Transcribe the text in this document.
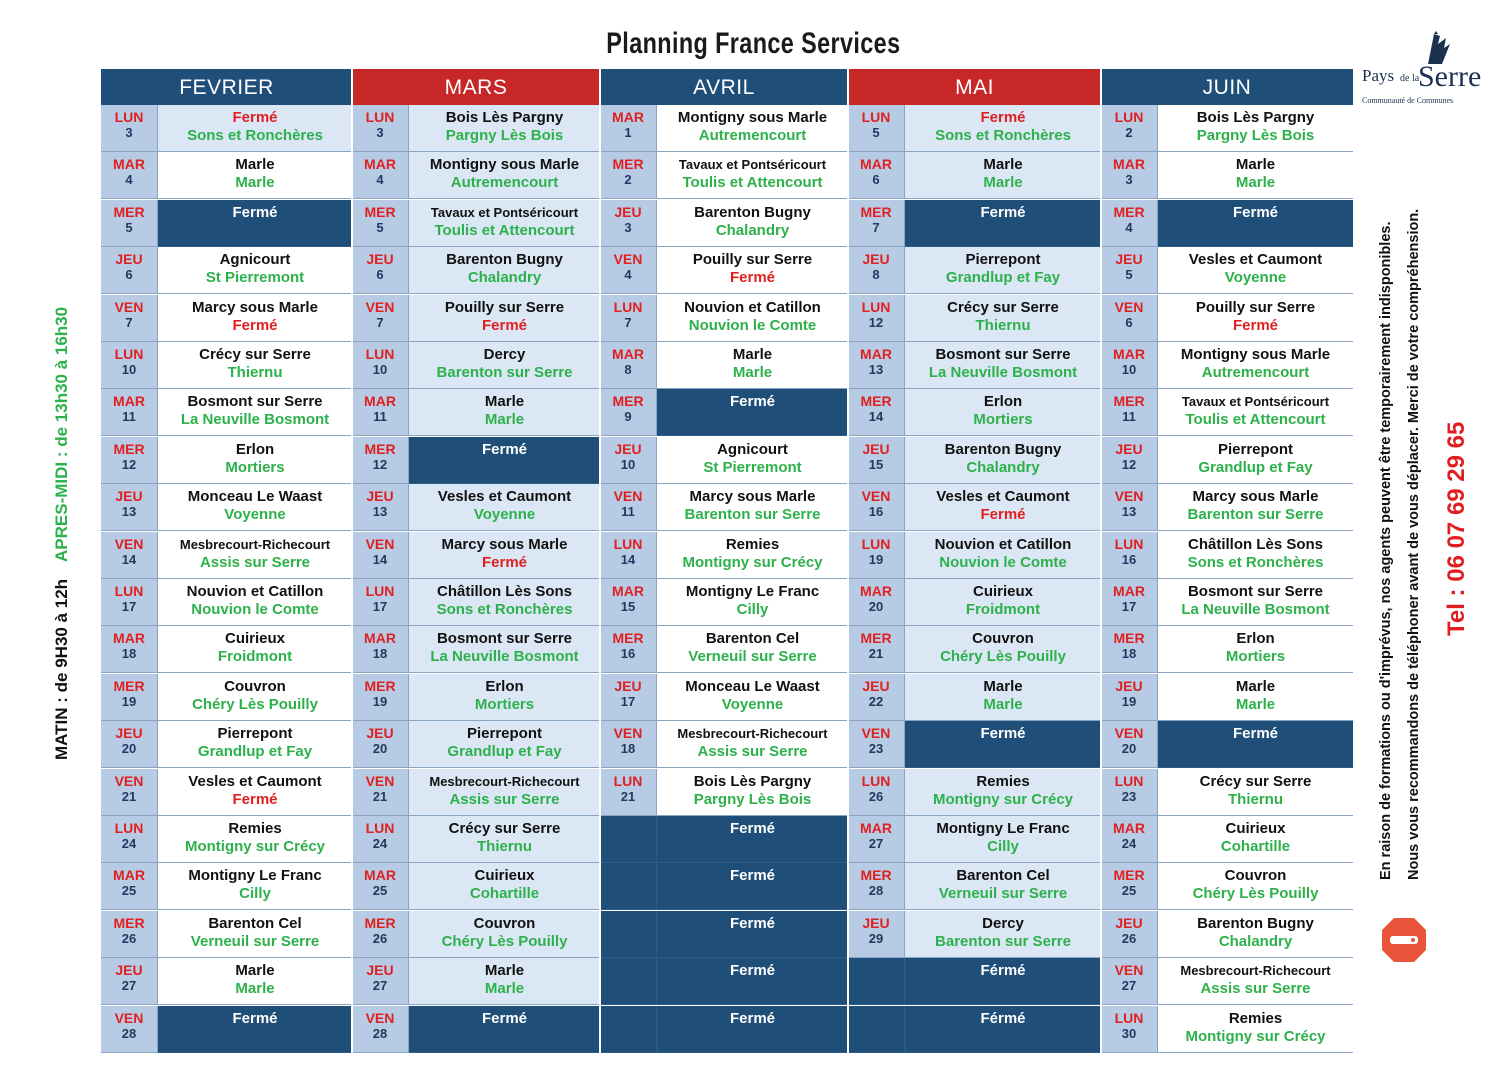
Planning France Services
FEVRIER
LUN
3
Fermé
Sons et Ronchères
MAR
4
Marle
Marle
MER
5
Fermé
JEU
6
Agnicourt
St Pierremont
VEN
7
Marcy sous Marle
Fermé
LUN
10
Crécy sur Serre
Thiernu
MAR
11
Bosmont sur Serre
La Neuville Bosmont
MER
12
Erlon
Mortiers
JEU
13
Monceau Le Waast
Voyenne
VEN
14
Mesbrecourt-Richecourt
Assis sur Serre
LUN
17
Nouvion et Catillon
Nouvion le Comte
MAR
18
Cuirieux
Froidmont
MER
19
Couvron
Chéry Lès Pouilly
JEU
20
Pierrepont
Grandlup et Fay
VEN
21
Vesles et Caumont
Fermé
LUN
24
Remies
Montigny sur Crécy
MAR
25
Montigny Le Franc
Cilly
MER
26
Barenton Cel
Verneuil sur Serre
JEU
27
Marle
Marle
VEN
28
Fermé
MARS
LUN
3
Bois Lès Pargny
Pargny Lès Bois
MAR
4
Montigny sous Marle
Autremencourt
MER
5
Tavaux et Pontséricourt
Toulis et Attencourt
JEU
6
Barenton Bugny
Chalandry
VEN
7
Pouilly sur Serre
Fermé
LUN
10
Dercy
Barenton sur Serre
MAR
11
Marle
Marle
MER
12
Fermé
JEU
13
Vesles et Caumont
Voyenne
VEN
14
Marcy sous Marle
Fermé
LUN
17
Châtillon Lès Sons
Sons et Ronchères
MAR
18
Bosmont sur Serre
La Neuville Bosmont
MER
19
Erlon
Mortiers
JEU
20
Pierrepont
Grandlup et Fay
VEN
21
Mesbrecourt-Richecourt
Assis sur Serre
LUN
24
Crécy sur Serre
Thiernu
MAR
25
Cuirieux
Cohartille
MER
26
Couvron
Chéry Lès Pouilly
JEU
27
Marle
Marle
VEN
28
Fermé
AVRIL
MAR
1
Montigny sous Marle
Autremencourt
MER
2
Tavaux et Pontséricourt
Toulis et Attencourt
JEU
3
Barenton Bugny
Chalandry
VEN
4
Pouilly sur Serre
Fermé
LUN
7
Nouvion et Catillon
Nouvion le Comte
MAR
8
Marle
Marle
MER
9
Fermé
JEU
10
Agnicourt
St Pierremont
VEN
11
Marcy sous Marle
Barenton sur Serre
LUN
14
Remies
Montigny sur Crécy
MAR
15
Montigny Le Franc
Cilly
MER
16
Barenton Cel
Verneuil sur Serre
JEU
17
Monceau Le Waast
Voyenne
VEN
18
Mesbrecourt-Richecourt
Assis sur Serre
LUN
21
Bois Lès Pargny
Pargny Lès Bois
Fermé
Fermé
Fermé
Fermé
Fermé
MAI
LUN
5
Fermé
Sons et Ronchères
MAR
6
Marle
Marle
MER
7
Fermé
JEU
8
Pierrepont
Grandlup et Fay
LUN
12
Crécy sur Serre
Thiernu
MAR
13
Bosmont sur Serre
La Neuville Bosmont
MER
14
Erlon
Mortiers
JEU
15
Barenton Bugny
Chalandry
VEN
16
Vesles et Caumont
Fermé
LUN
19
Nouvion et Catillon
Nouvion le Comte
MAR
20
Cuirieux
Froidmont
MER
21
Couvron
Chéry Lès Pouilly
JEU
22
Marle
Marle
VEN
23
Fermé
LUN
26
Remies
Montigny sur Crécy
MAR
27
Montigny Le Franc
Cilly
MER
28
Barenton Cel
Verneuil sur Serre
JEU
29
Dercy
Barenton sur Serre
Férmé
Férmé
JUIN
LUN
2
Bois Lès Pargny
Pargny Lès Bois
MAR
3
Marle
Marle
MER
4
Fermé
JEU
5
Vesles et Caumont
Voyenne
VEN
6
Pouilly sur Serre
Fermé
MAR
10
Montigny sous Marle
Autremencourt
MER
11
Tavaux et Pontséricourt
Toulis et Attencourt
JEU
12
Pierrepont
Grandlup et Fay
VEN
13
Marcy sous Marle
Barenton sur Serre
LUN
16
Châtillon Lès Sons
Sons et Ronchères
MAR
17
Bosmont sur Serre
La Neuville Bosmont
MER
18
Erlon
Mortiers
JEU
19
Marle
Marle
VEN
20
Fermé
LUN
23
Crécy sur Serre
Thiernu
MAR
24
Cuirieux
Cohartille
MER
25
Couvron
Chéry Lès Pouilly
JEU
26
Barenton Bugny
Chalandry
VEN
27
Mesbrecourt-Richecourt
Assis sur Serre
LUN
30
Remies
Montigny sur Crécy
Pays de la
Serre
Communauté de Communes
En raison de formations ou d'imprévus, nos agents peuvent être temporairement indisponibles. Nous vous recommandons de téléphoner avant de vous déplacer. Merci de votre compréhension. Tel : 06 07 69 29 65
MATIN : de 9H30 à 12h
APRES-MIDI : de 13h30 à 16h30
